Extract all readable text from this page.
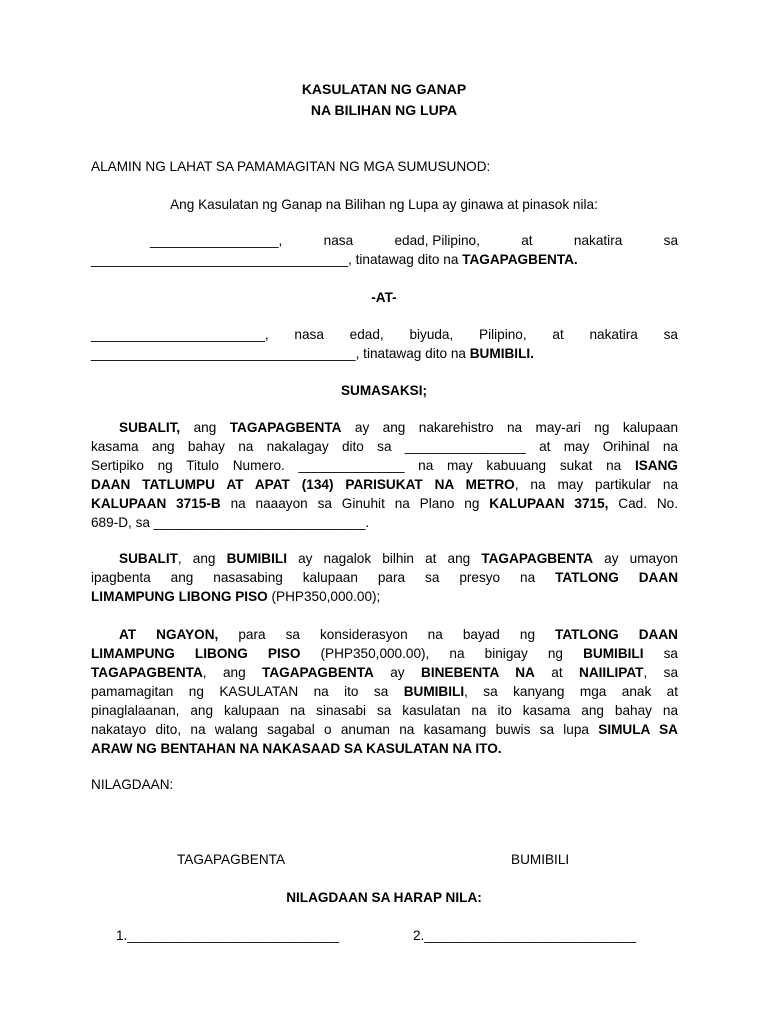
KASULATAN NG GANAP
NA BILIHAN NG LUPA
ALAMIN NG LAHAT SA PAMAMAGITAN NG MGA SUMUSUNOD:
Ang Kasulatan ng Ganap na Bilihan ng Lupa ay ginawa at pinasok nila:
_________________,	nasa	edad, Pilipino,	at	nakatira	sa
__________________________________, tinatawag dito na TAGAPAGBENTA.
-AT-
_______________________, nasa edad, biyuda, Pilipino, at nakatira sa
___________________________________, tinatawag dito na BUMIBILI.
SUMASAKSI;
SUBALIT, ang TAGAPAGBENTA ay ang nakarehistro na may-ari ng kalupaan
kasama ang bahay na nakalagay dito sa ________________ at may Orihinal na
Sertipiko ng Titulo Numero. ______________ na may kabuuang sukat na ISANG
DAAN TATLUMPU AT APAT (134) PARISUKAT NA METRO, na may partikular na
KALUPAAN 3715-B na naaayon sa Ginuhit na Plano ng KALUPAAN 3715, Cad. No.
689-D, sa ____________________________.
SUBALIT, ang BUMIBILI ay nagalok bilhin at ang TAGAPAGBENTA ay umayon
ipagbenta ang nasasabing kalupaan para sa presyo na TATLONG DAAN
LIMAMPUNG LIBONG PISO (PHP350,000.00);
AT NGAYON, para sa konsiderasyon na bayad ng TATLONG DAAN
LIMAMPUNG LIBONG PISO (PHP350,000.00), na binigay ng BUMIBILI sa
TAGAPAGBENTA, ang TAGAPAGBENTA ay BINEBENTA NA at NAIILIPAT, sa
pamamagitan ng KASULATAN na ito sa BUMIBILI, sa kanyang mga anak at
pinaglalaanan, ang kalupaan na sinasabi sa kasulatan na ito kasama ang bahay na
nakatayo dito, na walang sagabal o anuman na kasamang buwis sa lupa SIMULA SA
ARAW NG BENTAHAN NA NAKASAAD SA KASULATAN NA ITO.
NILAGDAAN:
TAGAPAGBENTA	BUMIBILI
NILAGDAAN SA HARAP NILA:
1.____________________________	2.____________________________
